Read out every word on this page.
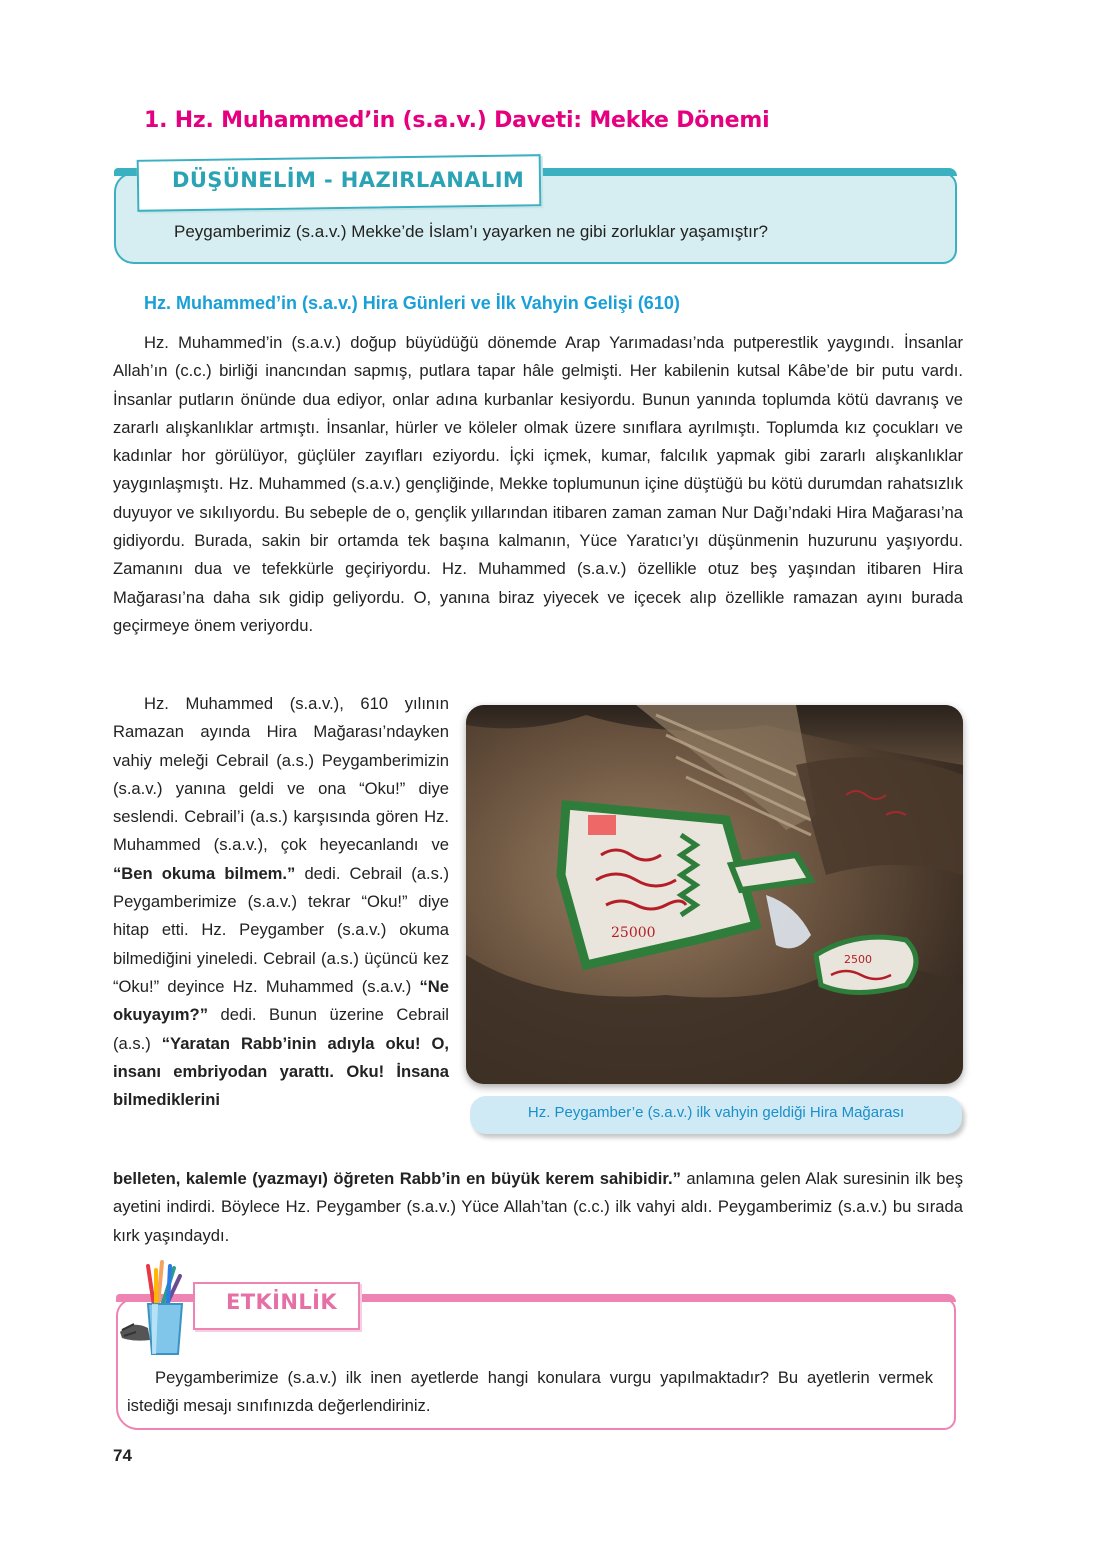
1. Hz. Muhammed’in (s.a.v.) Daveti: Mekke Dönemi
DÜŞÜNELİM - HAZIRLANALIM
Peygamberimiz (s.a.v.) Mekke’de İslam’ı yayarken ne gibi zorluklar yaşamıştır?
Hz. Muhammed’in (s.a.v.) Hira Günleri ve İlk Vahyin Gelişi (610)

Hz. Muhammed’in (s.a.v.) doğup büyüdüğü dönemde Arap Yarımadası’nda putperestlik yaygındı. İnsanlar Allah’ın (c.c.) birliği inancından sapmış, putlara tapar hâle gelmişti. Her kabilenin kutsal Kâbe’de bir putu vardı. İnsanlar putların önünde dua ediyor, onlar adına kurbanlar kesiyordu. Bunun yanında toplumda kötü davranış ve zararlı alışkanlıklar artmıştı. İnsanlar, hürler ve köleler olmak üzere sınıflara ayrılmıştı. Toplumda kız çocukları ve kadınlar hor görülüyor, güçlüler zayıfları eziyordu. İçki içmek, kumar, falcılık yapmak gibi zararlı alışkanlıklar yaygınlaşmıştı. Hz. Muhammed (s.a.v.) gençliğinde, Mekke toplumunun içine düştüğü bu kötü durumdan rahatsızlık duyuyor ve sıkılıyordu. Bu sebeple de o, gençlik yıllarından itibaren zaman zaman Nur Dağı’ndaki Hira Mağarası’na gidiyordu. Burada, sakin bir ortamda tek başına kalmanın, Yüce Yaratıcı’yı düşünmenin huzurunu yaşıyordu. Zamanını dua ve tefekkürle geçiriyordu. Hz. Muhammed (s.a.v.) özellikle otuz beş yaşından itibaren Hira Mağarası’na daha sık gidip geliyordu. O, yanına biraz yiyecek ve içecek alıp özellikle ramazan ayını burada geçirmeye önem veriyordu.

Hz. Muhammed (s.a.v.), 610 yılının Ramazan ayında Hira Mağarası’ndayken vahiy meleği Cebrail (a.s.) Peygamberimizin (s.a.v.) yanına geldi ve ona “Oku!” diye seslendi. Cebrail’i (a.s.) karşısında gören Hz. Muhammed (s.a.v.), çok heyecanlandı ve “Ben okuma bilmem.” dedi. Cebrail (a.s.) Peygamberimize (s.a.v.) tekrar “Oku!” diye hitap etti. Hz. Peygamber (s.a.v.) okuma bilmediğini yineledi. Cebrail (a.s.) üçüncü kez “Oku!” deyince Hz. Muhammed (s.a.v.) “Ne okuyayım?” dedi. Bunun üzerine Cebrail (a.s.) “Yaratan Rabb’inin adıyla oku! O, insanı embriyodan yarattı. Oku! İnsana bilmediklerini

belleten, kalemle (yazmayı) öğreten Rabb’in en büyük kerem sahibidir.” anlamına gelen Alak suresinin ilk beş ayetini indirdi. Böylece Hz. Peygamber (s.a.v.) Yüce Allah’tan (c.c.) ilk vahyi aldı. Peygamberimiz (s.a.v.) bu sırada kırk yaşındaydı.

25000
2500
Hz. Peygamber’e (s.a.v.) ilk vahyin geldiği Hira Mağarası
ETKİNLİK

Peygamberimize (s.a.v.) ilk inen ayetlerde hangi konulara vurgu yapılmaktadır? Bu ayetlerin vermek istediği mesajı sınıfınızda değerlendiriniz.

74
